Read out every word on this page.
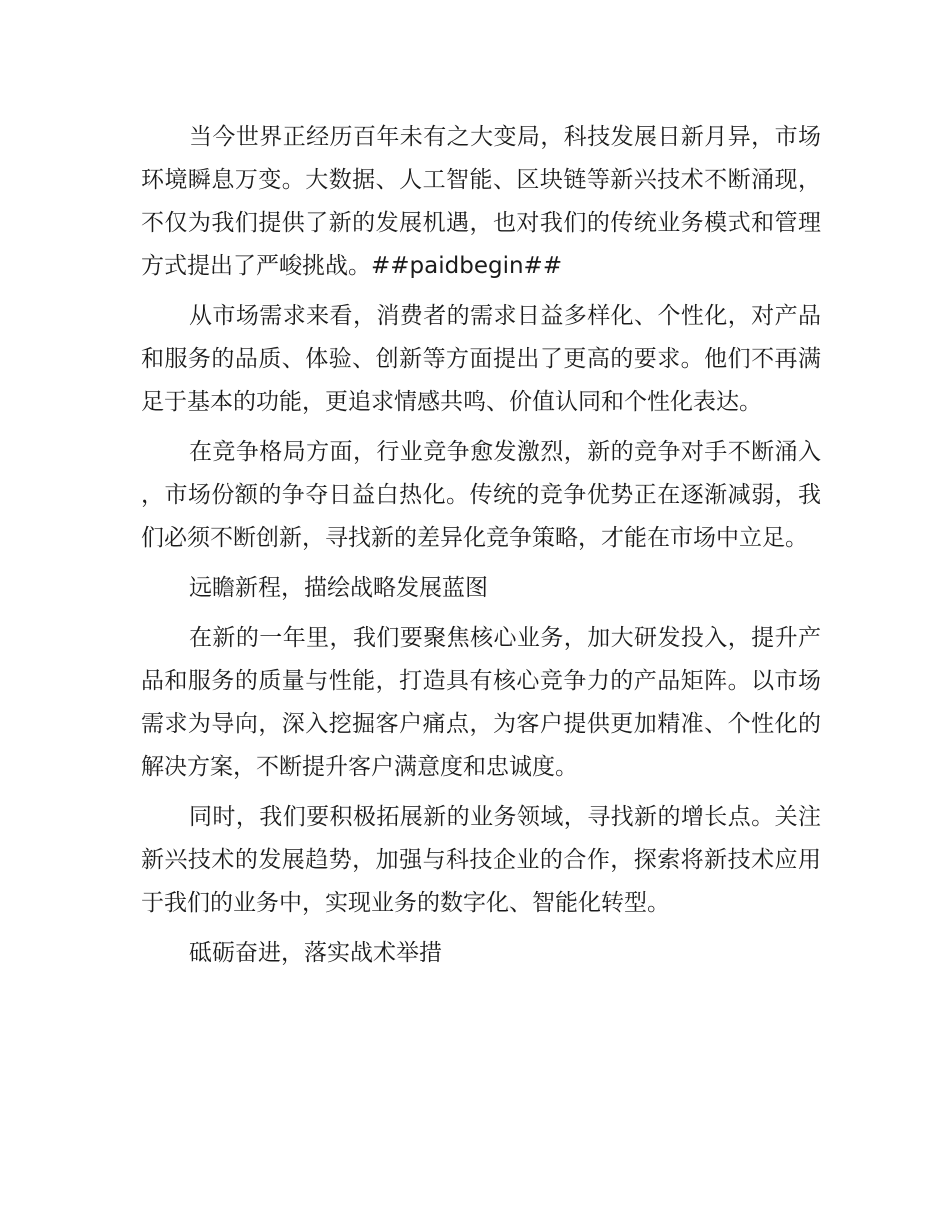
当今世界正经历百年未有之大变局，科技发展日新月异，市场环境瞬息万变。大数据、人工智能、区块链等新兴技术不断涌现，不仅为我们提供了新的发展机遇，也对我们的传统业务模式和管理方式提出了严峻挑战。##paidbegin##

从市场需求来看，消费者的需求日益多样化、个性化，对产品和服务的品质、体验、创新等方面提出了更高的要求。他们不再满足于基本的功能，更追求情感共鸣、价值认同和个性化表达。

在竞争格局方面，行业竞争愈发激烈，新的竞争对手不断涌入，市场份额的争夺日益白热化。传统的竞争优势正在逐渐减弱，我们必须不断创新，寻找新的差异化竞争策略，才能在市场中立足。

远瞻新程，描绘战略发展蓝图

在新的一年里，我们要聚焦核心业务，加大研发投入，提升产品和服务的质量与性能，打造具有核心竞争力的产品矩阵。以市场需求为导向，深入挖掘客户痛点，为客户提供更加精准、个性化的解决方案，不断提升客户满意度和忠诚度。

同时，我们要积极拓展新的业务领域，寻找新的增长点。关注新兴技术的发展趋势，加强与科技企业的合作，探索将新技术应用于我们的业务中，实现业务的数字化、智能化转型。

砥砺奋进，落实战术举措
